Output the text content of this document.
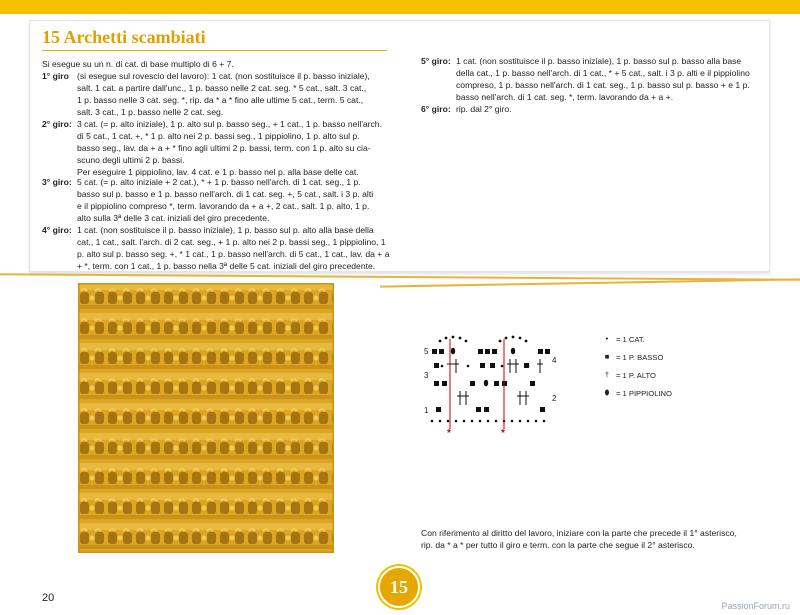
15 Archetti scambiati
Si esegue su un n. di cat. di base multiplo di 6 + 7.
1° giro (si esegue sul rovescio del lavoro): 1 cat. (non sostituisce il p. basso iniziale),
salt. 1 cat. a partire dall'unc., 1 p. basso nelle 2 cat. seg. * 5 cat., salt. 3 cat.,
1 p. basso nelle 3 cat. seg. *, rip. da * a * fino alle ultime 5 cat., term. 5 cat.,
salt. 3 cat., 1 p. basso nelle 2 cat. seg.
2° giro: 3 cat. (= p. alto iniziale), 1 p. alto sul p. basso seg., + 1 cat., 1 p. basso nell'arch.
di 5 cat., 1 cat. +, * 1 p. alto nei 2 p. bassi seg., 1 pippiolino, 1 p. alto sul p.
basso seg., lav. da + a + * fino agli ultimi 2 p. bassi, term. con 1 p. alto su cia-
scuno degli ultimi 2 p. bassi.
Per eseguire 1 pippiolino, lav. 4 cat. e 1 p. basso nel p. alla base delle cat.
3° giro: 5 cat. (= p. alto iniziale + 2 cat.), * + 1 p. basso nell'arch. di 1 cat. seg., 1 p.
basso sul p. basso e 1 p. basso nell'arch. di 1 cat. seg. +, 5 cat., salt. i 3 p. alti
e il pippiolino compreso *, term. lavorando da + a +, 2 cat., salt. 1 p. alto, 1 p.
alto sulla 3ª delle 3 cat. iniziali del giro precedente.
4° giro: 1 cat. (non sostituisce il p. basso iniziale), 1 p. basso sul p. alto alla base della
cat., 1 cat., salt. l'arch. di 2 cat. seg., + 1 p. alto nei 2 p. bassi seg., 1 pippiolino, 1
p. alto sul p. basso seg. +, * 1 cat., 1 p. basso nell'arch. di 5 cat., 1 cat., lav. da + a
+ *, term. con 1 cat., 1 p. basso nella 3ª delle 5 cat. iniziali del giro precedente.
5° giro: 1 cat. (non sostituisce il p. basso iniziale), 1 p. basso sul p. basso alla base
della cat., 1 p. basso nell'arch. di 1 cat., * + 5 cat., salt. i 3 p. alti e il pippiolino
compreso, 1 p. basso nell'arch. di 1 cat. seg., 1 p. basso sul p. basso + e 1 p.
basso nell'arch. di 1 cat. seg. *, term. lavorando da + a +.
6° giro: rip. dal 2° giro.
5
3
1
4
2
*	*
•	= 1 CAT.
■ = 1 P. BASSO
† = 1 P. ALTO
⬮ = 1 PIPPIOLINO
Con riferimento al diritto del lavoro, iniziare con la parte che precede il 1° asterisco,
rip. da * a * per tutto il giro e term. con la parte che segue il 2° asterisco.
15
20
PassionForum.ru
